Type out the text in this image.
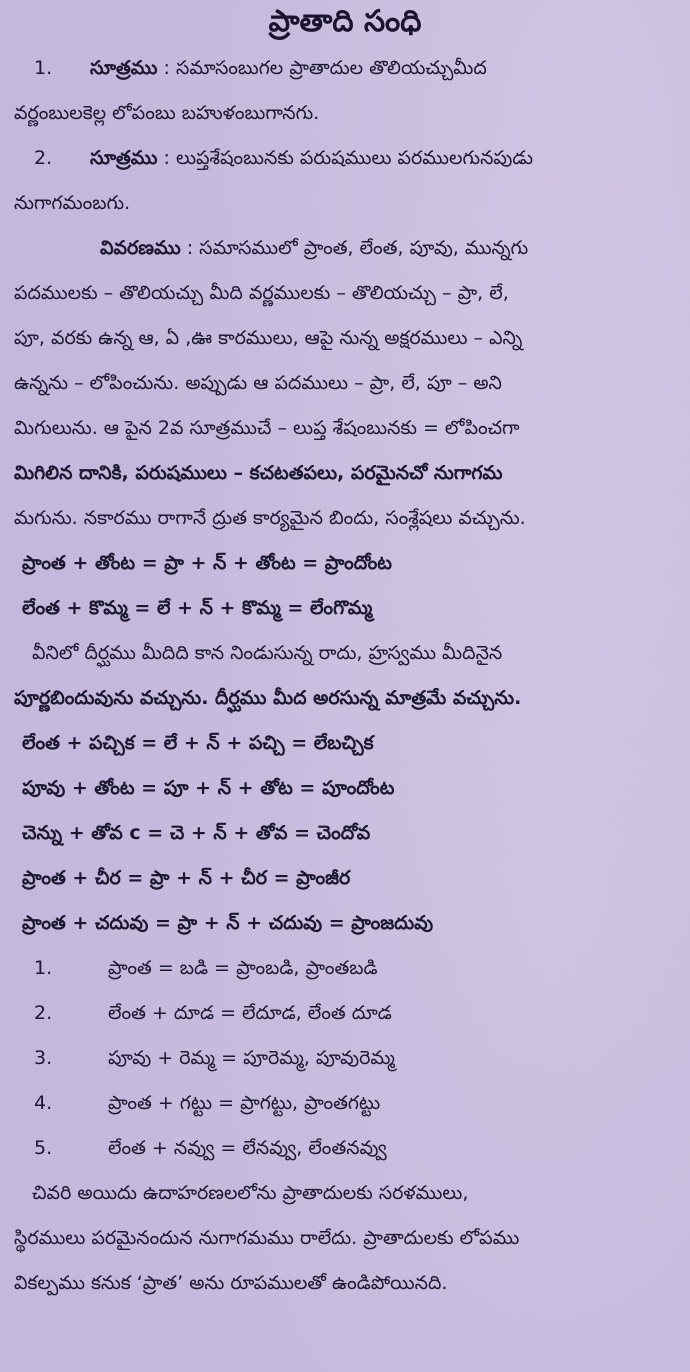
ప్రాతాది సంధి
1. సూత్రము : సమాసంబుగల ప్రాతాదుల తొలియచ్చుమీద
వర్ణంబులకెల్ల లోపంబు బహుళంబుగానగు.
2. సూత్రము : లుప్తశేషంబునకు పరుషములు పరములగునపుడు
నుగాగమంబగు.
వివరణము : సమాసములో ప్రాంత, లేంత, పూవు, మున్నగు
పదములకు – తొలియచ్చు మీది వర్ణములకు – తొలియచ్చు – ప్రా, లే,
పూ, వరకు ఉన్న ఆ, ఏ ,ఊ కారములు, ఆపై నున్న అక్షరములు – ఎన్ని
ఉన్నను – లోపించును. అప్పుడు ఆ పదములు – ప్రా, లే, పూ – అని
మిగులును. ఆ పైన 2వ సూత్రముచే – లుప్త శేషంబునకు = లోపించగా
మిగిలిన దానికి, పరుషములు – కచటతపలు, పరమైనచో నుగాగమ
మగును. నకారము రాగానే ద్రుత కార్యమైన బిందు, సంశ్లేషలు వచ్చును.
ప్రాంత + తోంట = ప్రా + న్ + తోంట = ప్రాందోంట
లేంత + కొమ్మ = లే + న్ + కొమ్మ = లేంగొమ్మ
వీనిలో దీర్ఘము మీదిది కాన నిండుసున్న రాదు, హ్రస్వము మీదినైన
పూర్ణబిందువును వచ్చును. దీర్ఘము మీద అరసున్న మాత్రమే వచ్చును.
లేంత + పచ్చిక = లే + న్ + పచ్చి = లేబచ్చిక
పూవు + తోంట = పూ + న్ + తోట = పూందోంట
చెన్ను + తోవ c = చె + న్ + తోవ = చెందోవ
ప్రాంత + చీర = ప్రా + న్ + చీర = ప్రాంజీర
ప్రాంత + చదువు = ప్రా + న్ + చదువు = ప్రాంజదువు
1.	ప్రాంత = బడి = ప్రాంబడి, ప్రాంతబడి
2.	లేంత + దూడ = లేదూడ, లేంత దూడ
3.	పూవు + రెమ్మ = పూరెమ్మ, పూవురెమ్మ
4.	ప్రాంత + గట్టు = ప్రాగట్టు, ప్రాంతగట్టు
5.	లేంత + నవ్వు = లేనవ్వు, లేంతనవ్వు
చివరి అయిదు ఉదాహరణలలోను ప్రాతాదులకు సరళములు,
స్థిరములు పరమైనందున నుగాగమము రాలేదు. ప్రాతాదులకు లోపము
వికల్పము కనుక ‘ప్రాత’ అను రూపములతో ఉండిపోయినది.
